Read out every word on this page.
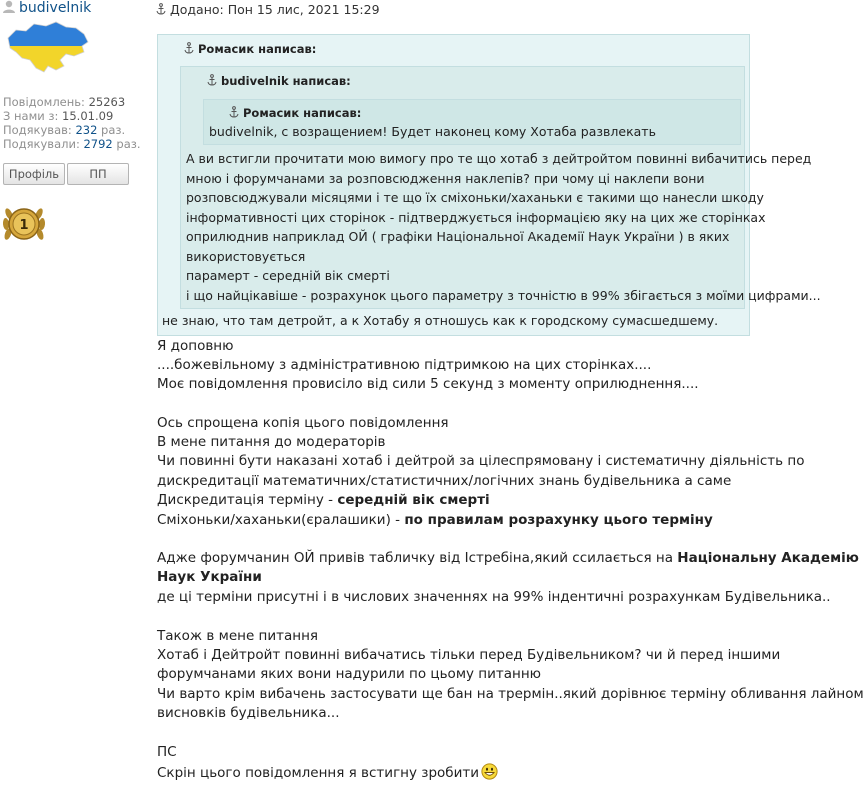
budivelnik
Повідомлень: 25263
З нами з: 15.01.09
Подякував: 232 раз.
Подякували: 2792 раз.
Профіль	ПП
1
Додано: Пон 15 лис, 2021 15:29
Ромасик написав:
budivelnik написав:
Ромасик написав:
budivelnik, с возращением! Будет наконец кому Хотаба развлекать
А ви встигли прочитати мою вимогу про те що хотаб з дейтройтом повинні вибачитись перед
мною і форумчанами за розповсюдження наклепів? при чому ці наклепи вони
розповсюджували місяцями і те що їх сміхоньки/хаханьки є такими що нанесли шкоду
інформативності цих сторінок - підтверджується інформацією яку на цих же сторінках
оприлюднив наприклад ОЙ ( графіки Національної Академії Наук України ) в яких
використовується
парамерт - середній вік смерті
і що найцікавіше - розрахунок цього параметру з точністю в 99% збігається з моїми цифрами...
не знаю, что там детройт, а к Хотабу я отношусь как к городскому сумасшедшему.
Я доповню
....божевільному з адміністративною підтримкою на цих сторінках....
Моє повідомлення провисіло від сили 5 секунд з моменту оприлюднення....
Ось спрощена копія цього повідомлення
В мене питання до модераторів
Чи повинні бути наказані хотаб і дейтрой за цілеспрямовану і систематичну діяльність по
дискредитації математичних/статистичних/логічних знань будівельника а саме
Дискредитація терміну - середній вік смерті
Сміхоньки/хаханьки(єралашики) - по правилам розрахунку цього терміну
Адже форумчанин ОЙ привів табличку від Істребіна,який ссилається на Національну Академію
Наук України
де ці терміни присутні і в числових значеннях на 99% індентичні розрахункам Будівельника..
Також в мене питання
Хотаб і Дейтройт повинні вибачатись тільки перед Будівельником? чи й перед іншими
форумчанами яких вони надурили по цьому питанню
Чи варто крім вибачень застосувати ще бан на трермін..який дорівнює терміну обливання лайном
висновків будівельника...
ПС
Скрін цього повідомлення я встигну зробити
